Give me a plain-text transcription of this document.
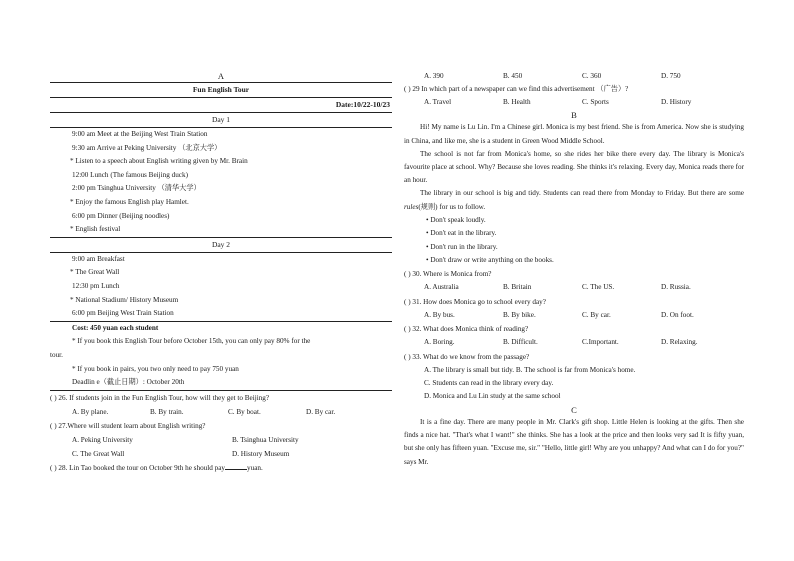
A
Fun English Tour
Date:10/22-10/23
Day 1
9:00 am Meet at the Beijing West Train Station
9:30 am Arrive at Peking University （北京大学）
* Listen to a speech about English writing given by Mr. Brain
12:00 Lunch (The famous Beijing duck)
2:00 pm Tsinghua University （清华大学）
* Enjoy the famous English play Hamlet.
6:00 pm Dinner (Beijing noodles)
* English festival
Day 2
9:00 am Breakfast
* The Great Wall
12:30 pm Lunch
* National Stadium/ History Museum
6:00 pm Beijing West Train Station
Cost: 450 yuan each student
* If you book this English Tour before October 15th, you can only pay 80% for the
tour.
* If you book in pairs, you two only need to pay 750 yuan
Deadlin e（截止日期）: October 20th
( ) 26. If students join in the Fun English Tour, how will they get to Beijing?
A. By plane.	B. By train.	C. By boat.	D. By car.
( ) 27.Where will student learn about English writing?
A. Peking University	B. Tsinghua University
C. The Great Wall	D. History Museum
( ) 28. Lin Tao booked the tour on October 9th he should pay	yuan.
A. 390	B. 450	C. 360	D. 750
( ) 29 In which part of a newspaper can we find this advertisement （广告）?
A. Travel	B. Health	C. Sports	D. History
B
Hi! My name is Lu Lin. I'm a Chinese girl. Monica is my best friend. She is from America. Now she is studying in China, and like me, she is a student in Green Wood Middle School.
The school is not far from Monica's home, so she rides her bike there every day. The library is Monica's favourite place at school. Why? Because she loves reading. She thinks it's relaxing. Every day, Monica reads there for an hour.
The library in our school is big and tidy. Students can read there from Monday to Friday. But there are some rules(规则) for us to follow.
• Don't speak loudly.
• Don't eat in the library.
• Don't run in the library.
• Don't draw or write anything on the books.
( ) 30. Where is Monica from?
A. Australia	B. Britain	C. The US.	D. Russia.
( ) 31. How does Monica go to school every day?
A. By bus.	B. By bike.	C. By car.	D. On foot.
( ) 32. What does Monica think of reading?
A. Boring.	B. Difficult.	C.Important.	D. Relaxing.
( ) 33. What do we know from the passage?
A. The library is small but tidy. B. The school is far from Monica's home.
C. Students can read in the library every day.
D. Monica and Lu Lin study at the same school
C
It is a fine day. There are many people in Mr. Clark's gift shop. Little Helen is looking at the gifts. Then she finds a nice hat. "That's what I want!" she thinks. She has a look at the price and then looks very sad It is fifty yuan, but she only has fifteen yuan. "Excuse me, sir." "Hello, little girl! Why are you unhappy? And what can I do for you?" says Mr.
